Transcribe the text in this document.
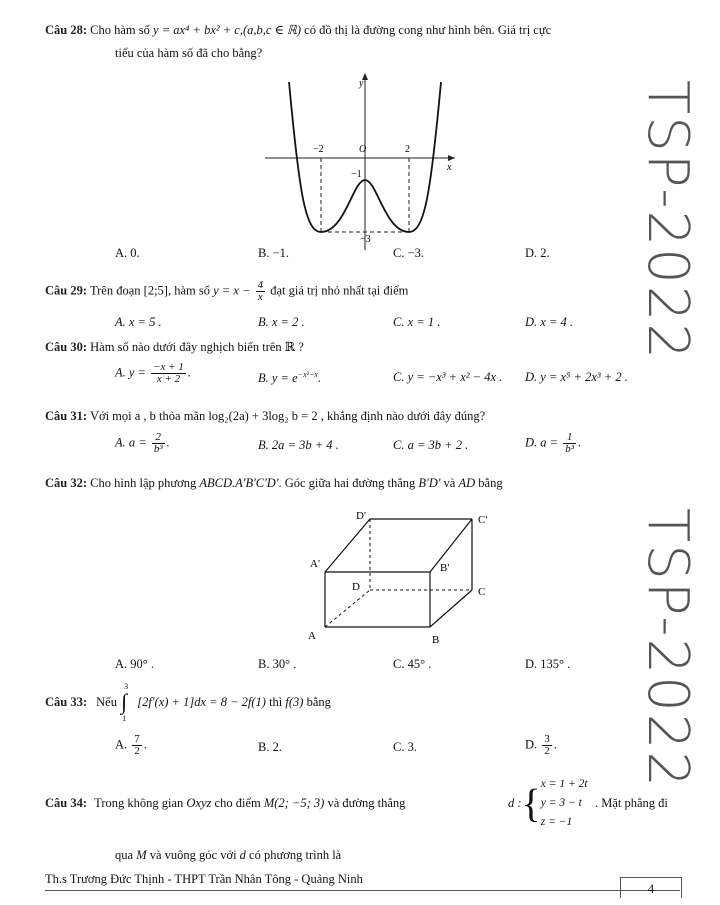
TSP-2022
TSP-2022
Câu 28: Cho hàm số y = ax⁴ + bx² + c,(a,b,c ∈ ℝ) có đồ thị là đường cong như hình bên. Giá trị cực
tiểu của hàm số đã cho bằng?
y
x
O
−2	2
−1
−3
A. 0.	B. −1.	C. −3.	D. 2.
Câu 29: Trên đoạn [2;5], hàm số $y = x - \frac{4}{x}$ đạt giá trị nhỏ nhất tại điểm
A. x = 5 .	B. x = 2 .	C. x = 1 .	D. x = 4 .
Câu 30: Hàm số nào dưới đây nghịch biến trên ℝ ?
A. $y = \frac{-x + 1}{x + 2}$ .	B. $y = e^{-x^2-x}$.	C. y = −x³ + x² − 4x . D. y = x⁵ + 2x³ + 2 .
Câu 31: Với mọi a , b thỏa mãn log₂(2a) + 3log₂ b = 2 , khẳng định nào dưới đây đúng?
A. $a = \frac{2}{\text{b³}}$ .	B. 2a = 3b + 4 .	C. a = 3b + 2 .	D. $a = \frac{1}{\text{b³}}$ .
Câu 32: Cho hình lập phương ABCD.A'B'C'D'. Góc giữa hai đường thẳng B'D' và AD bằng
D'	C'
A'	B'
D	C
A	B
A. 90° .	B. 30° .	C. 45° .	D. 135° .
Câu 33: Nếu
3
∫
1
[2f′(x) + 1]dx = 8 − 2f(1) thì f(3) bằng
A. $\frac{7}{2}$ .	B. 2.	C. 3.	D. $\frac{3}{2}$ .
Câu 34: Trong không gian Oxyz cho điểm M(2; −5; 3) và đường thẳng	d :{ x = 1 + 2t
y = 3 − t
z = −1
. Mặt phẳng đi
qua M và vuông góc với d có phương trình là
Th.s Trương Đức Thịnh - THPT Trần Nhân Tông - Quảng Ninh
4
